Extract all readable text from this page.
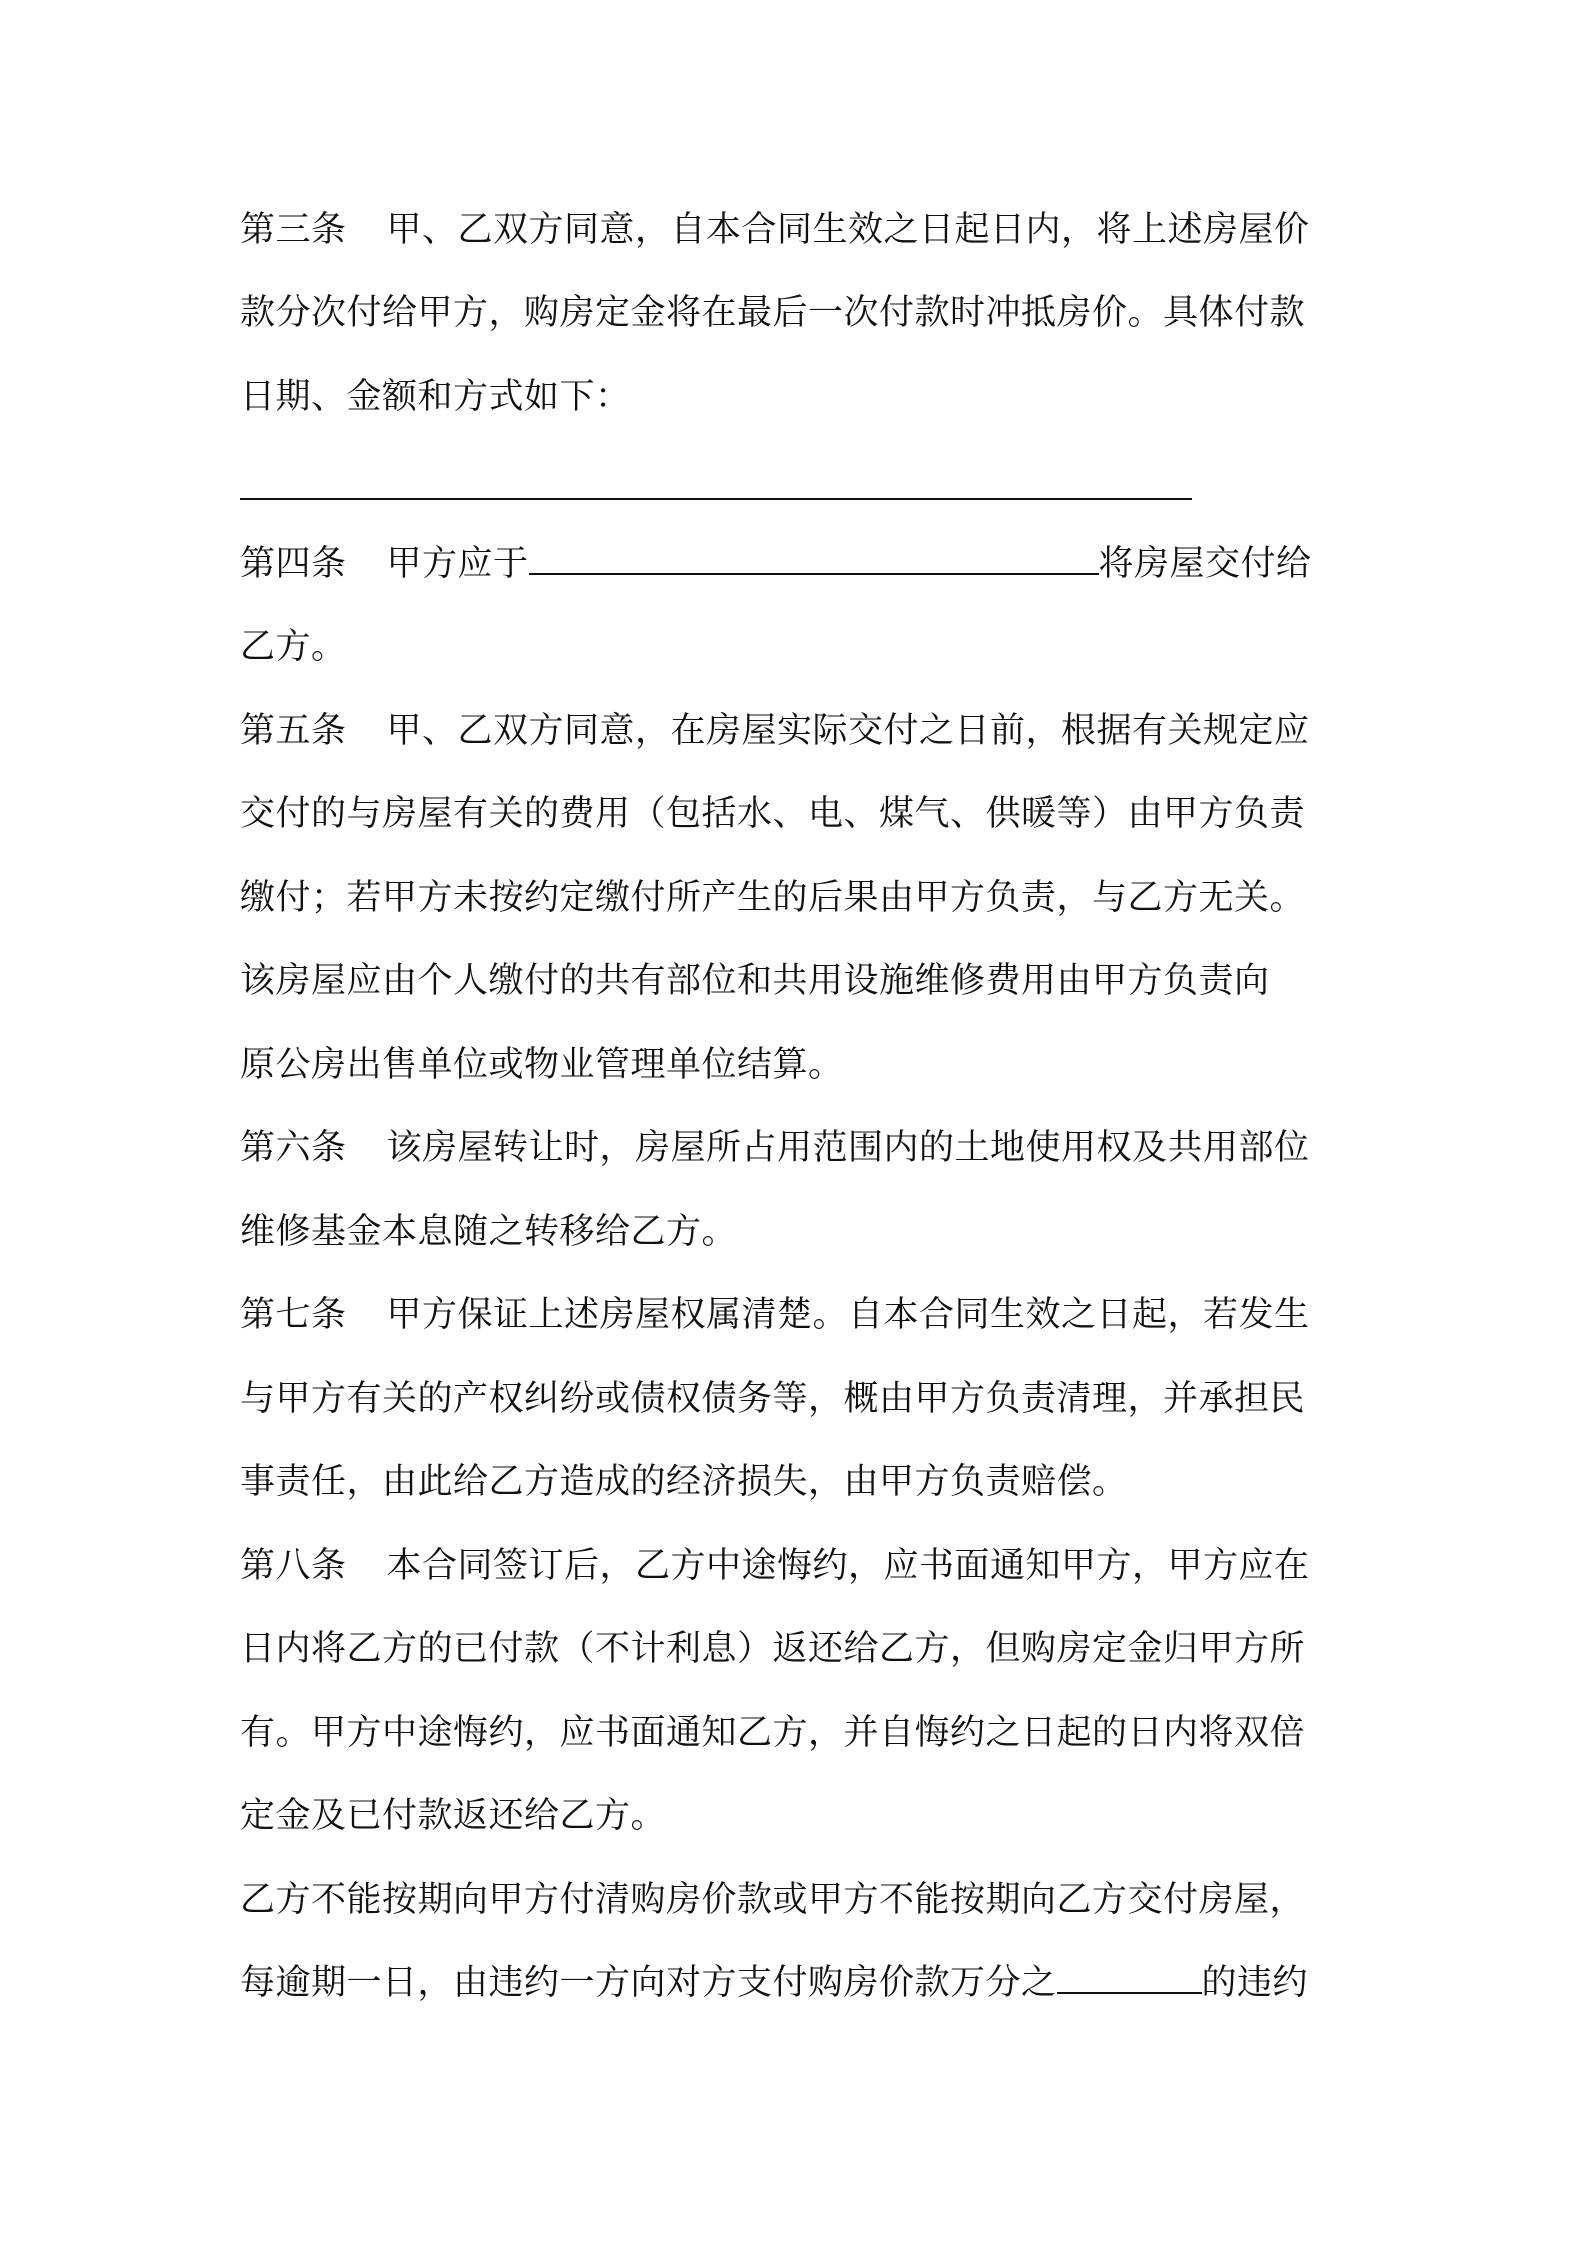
第三条 甲、乙双方同意，自本合同生效之日起日内，将上述房屋价
款分次付给甲方，购房定金将在最后一次付款时冲抵房价。具体付款
日期、金额和方式如下：
第四条 甲方应于	将房屋交付给
乙方。
第五条 甲、乙双方同意，在房屋实际交付之日前，根据有关规定应
交付的与房屋有关的费用（包括水、电、煤气、供暖等）由甲方负责
缴付；若甲方未按约定缴付所产生的后果由甲方负责，与乙方无关。
该房屋应由个人缴付的共有部位和共用设施维修费用由甲方负责向
原公房出售单位或物业管理单位结算。
第六条 该房屋转让时，房屋所占用范围内的土地使用权及共用部位
维修基金本息随之转移给乙方。
第七条 甲方保证上述房屋权属清楚。自本合同生效之日起，若发生
与甲方有关的产权纠纷或债权债务等，概由甲方负责清理，并承担民
事责任，由此给乙方造成的经济损失，由甲方负责赔偿。
第八条 本合同签订后，乙方中途悔约，应书面通知甲方，甲方应在
日内将乙方的已付款（不计利息）返还给乙方，但购房定金归甲方所
有。甲方中途悔约，应书面通知乙方，并自悔约之日起的日内将双倍
定金及已付款返还给乙方。
乙方不能按期向甲方付清购房价款或甲方不能按期向乙方交付房屋，
每逾期一日，由违约一方向对方支付购房价款万分之	的违约
